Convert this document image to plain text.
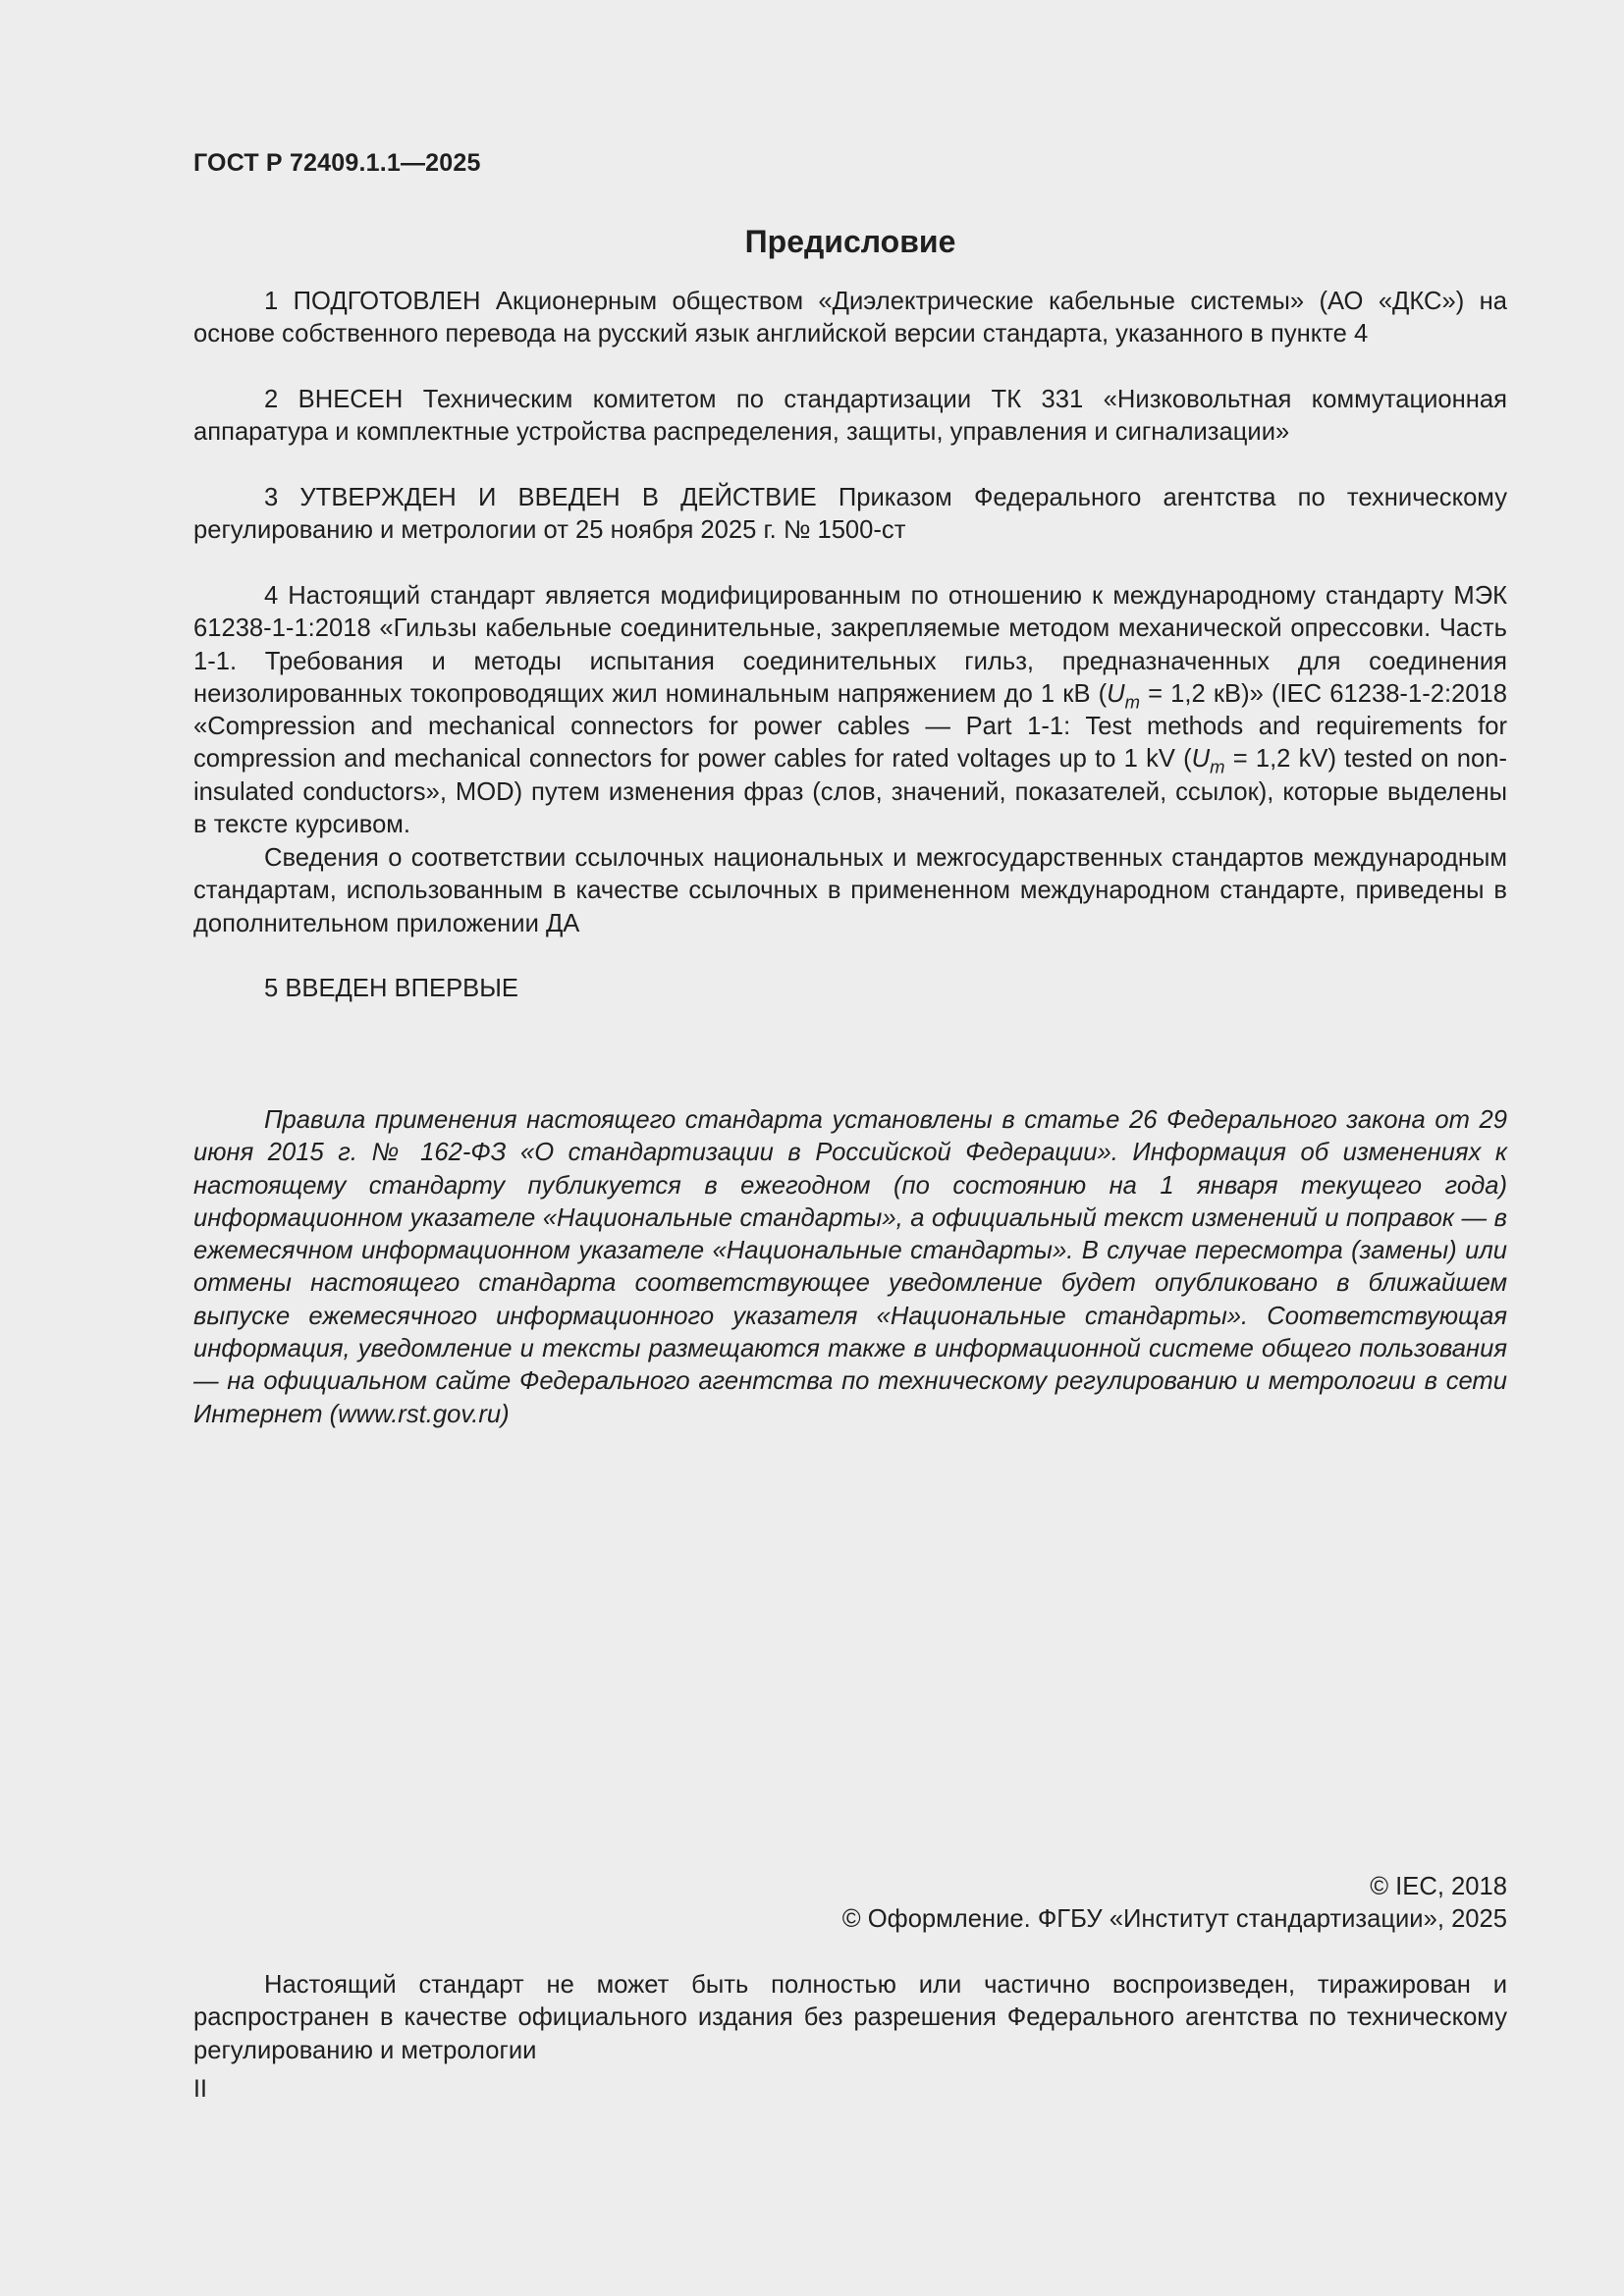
ГОСТ Р 72409.1.1—2025
Предисловие

1 ПОДГОТОВЛЕН Акционерным обществом «Диэлектрические кабельные системы» (АО «ДКС») на основе собственного перевода на русский язык английской версии стандарта, указанного в пункте 4

2 ВНЕСЕН Техническим комитетом по стандартизации ТК 331 «Низковольтная коммутационная аппаратура и комплектные устройства распределения, защиты, управления и сигнализации»

3 УТВЕРЖДЕН И ВВЕДЕН В ДЕЙСТВИЕ Приказом Федерального агентства по техническому регулированию и метрологии от 25 ноября 2025 г. № 1500-ст

4 Настоящий стандарт является модифицированным по отношению к международному стандарту МЭК 61238-1-1:2018 «Гильзы кабельные соединительные, закрепляемые методом механической опрессовки. Часть 1-1. Требования и методы испытания соединительных гильз, предназначенных для соединения неизолированных токопроводящих жил номинальным напряжением до 1 кВ ($U_m = 1,2$ кВ)» (IEC 61238-1-2:2018 «Compression and mechanical connectors for power cables — Part 1-1: Test methods and requirements for compression and mechanical connectors for power cables for rated voltages up to 1 kV ($U_m = 1,2$ kV) tested on non-insulated conductors», MOD) путем изменения фраз (слов, значений, показателей, ссылок), которые выделены в тексте курсивом.

Сведения о соответствии ссылочных национальных и межгосударственных стандартов международным стандартам, использованным в качестве ссылочных в примененном международном стандарте, приведены в дополнительном приложении ДА

5 ВВЕДЕН ВПЕРВЫЕ

Правила применения настоящего стандарта установлены в статье 26 Федерального закона от 29 июня 2015 г. № 162-ФЗ «О стандартизации в Российской Федерации». Информация об изменениях к настоящему стандарту публикуется в ежегодном (по состоянию на 1 января текущего года) информационном указателе «Национальные стандарты», а официальный текст изменений и поправок — в ежемесячном информационном указателе «Национальные стандарты». В случае пересмотра (замены) или отмены настоящего стандарта соответствующее уведомление будет опубликовано в ближайшем выпуске ежемесячного информационного указателя «Национальные стандарты». Соответствующая информация, уведомление и тексты размещаются также в информационной системе общего пользования — на официальном сайте Федерального агентства по техническому регулированию и метрологии в сети Интернет (www.rst.gov.ru)

© IEC, 2018
© Оформление. ФГБУ «Институт стандартизации», 2025

Настоящий стандарт не может быть полностью или частично воспроизведен, тиражирован и распространен в качестве официального издания без разрешения Федерального агентства по техническому регулированию и метрологии

II
